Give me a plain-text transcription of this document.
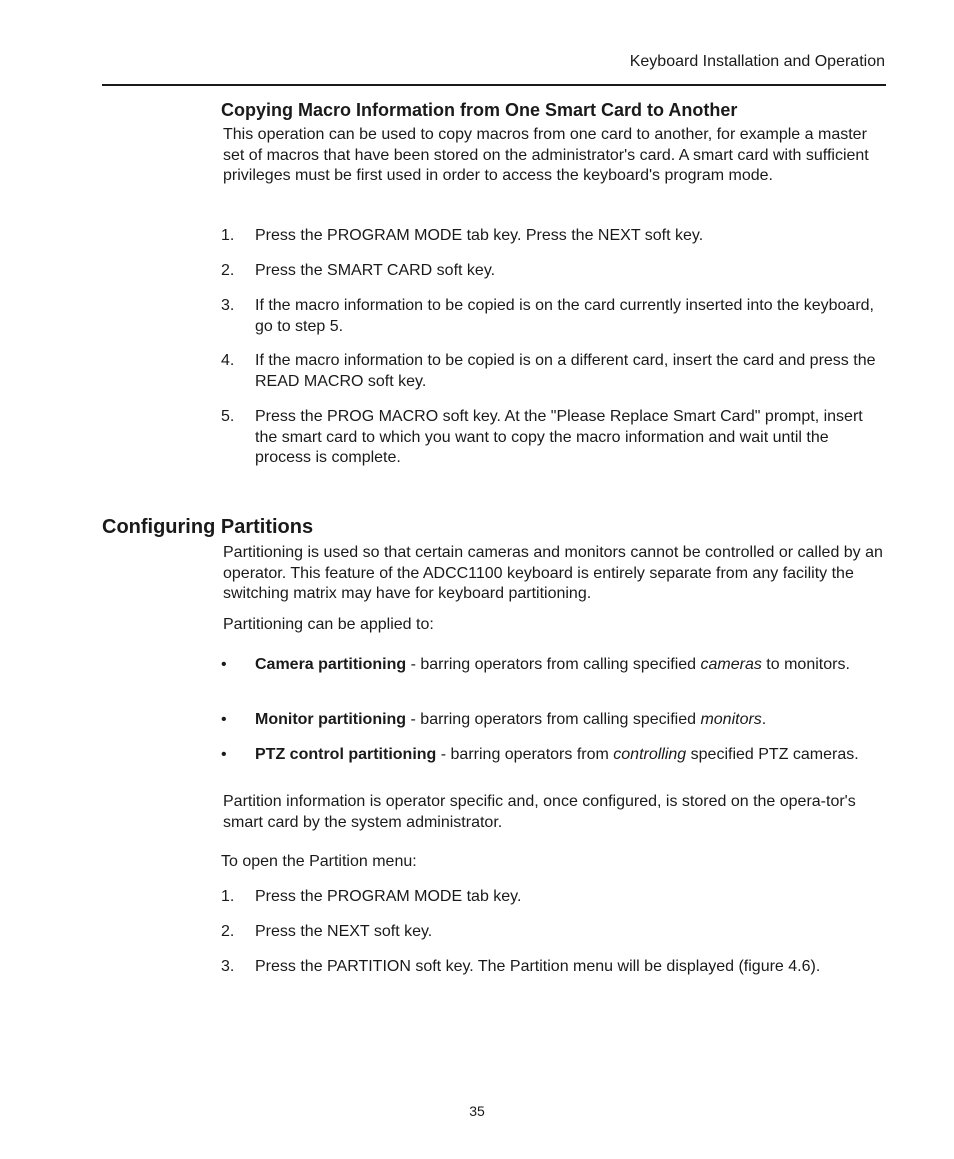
Keyboard Installation and Operation
Copying Macro Information from One Smart Card to Another
This operation can be used to copy macros from one card to another, for example a master set of macros that have been stored on the administrator's card. A smart card with sufficient privileges must be first used in order to access the keyboard's program mode.
1.	Press the PROGRAM MODE tab key. Press the NEXT soft key.
2.	Press the SMART CARD soft key.
3.	If the macro information to be copied is on the card currently inserted into the keyboard, go to step 5.
4.	If the macro information to be copied is on a different card, insert the card and press the READ MACRO soft key.
5.	Press the PROG MACRO soft key. At the "Please Replace Smart Card" prompt, insert the smart card to which you want to copy the macro information and wait until the process is complete.
Configuring Partitions
Partitioning is used so that certain cameras and monitors cannot be controlled or called by an operator. This feature of the ADCC1100 keyboard is entirely separate from any facility the switching matrix may have for keyboard partitioning.
Partitioning can be applied to:
•	Camera partitioning - barring operators from calling specified cameras to monitors.
•	Monitor partitioning - barring operators from calling specified monitors.
•	PTZ control partitioning - barring operators from controlling specified PTZ cameras.
Partition information is operator specific and, once configured, is stored on the opera-tor's smart card by the system administrator.
To open the Partition menu:
1.	Press the PROGRAM MODE tab key.
2.	Press the NEXT soft key.
3.	Press the PARTITION soft key. The Partition menu will be displayed (figure 4.6).
35
